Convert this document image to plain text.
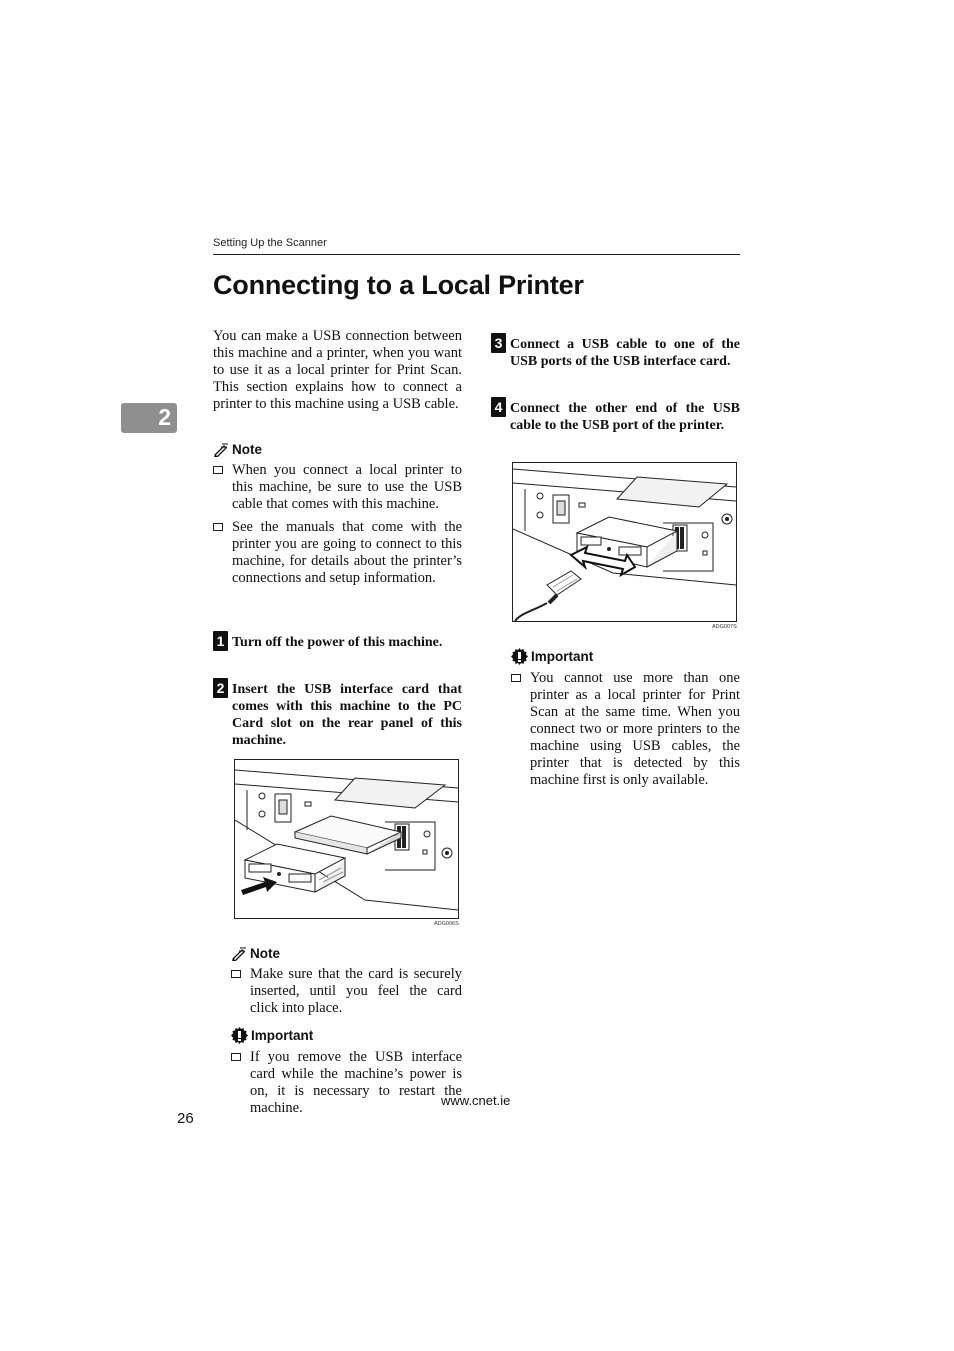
Setting Up the Scanner
Connecting to a Local Printer
2
You can make a USB connection between this machine and a printer, when you want to use it as a local printer for Print Scan. This section explains how to connect a printer to this machine using a USB cable.
Note
When you connect a local printer to this machine, be sure to use the USB cable that comes with this machine.
See the manuals that come with the printer you are going to connect to this machine, for details about the printer’s connections and setup information.
1 Turn off the power of this machine.
2 Insert the USB interface card that comes with this machine to the PC Card slot on the rear panel of this machine.
ADG006S
Note
Make sure that the card is securely inserted, until you feel the card click into place.
Important
If you remove the USB interface card while the machine’s power is on, it is necessary to restart the machine.
3 Connect a USB cable to one of the USB ports of the USB interface card.
4 Connect the other end of the USB cable to the USB port of the printer.
ADG007S
Important
You cannot use more than one printer as a local printer for Print Scan at the same time. When you connect two or more printers to the machine using USB cables, the printer that is detected by this machine first is only available.
www.cnet.ie
26
